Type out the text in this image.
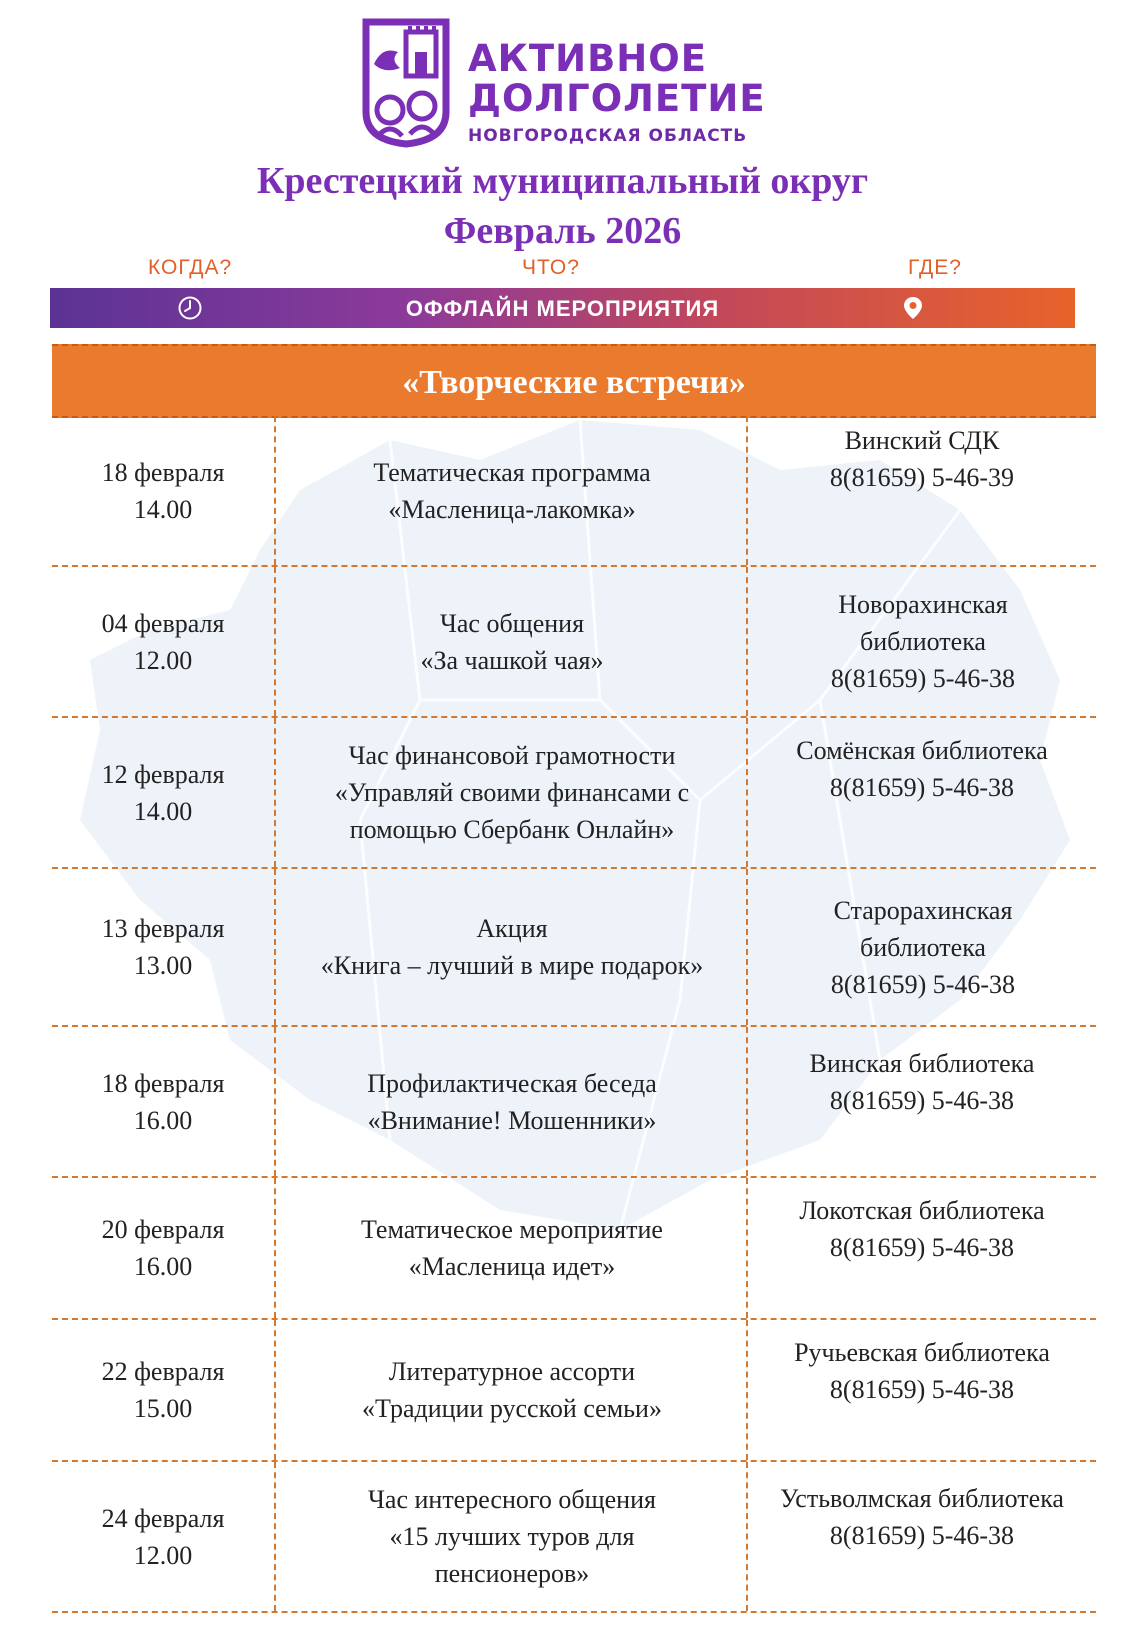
АКТИВНОЕ
ДОЛГОЛЕТИЕ
НОВГОРОДСКАЯ ОБЛАСТЬ
Крестецкий муниципальный округ
Февраль 2026
КОГДА?	ЧТО?	ГДЕ?
ОФФЛАЙН МЕРОПРИЯТИЯ
«Творческие встречи»
18 февраля
14.00
Тематическая программа
«Масленица-лакомка»
Винский СДК
8(81659) 5-46-39
04 февраля
12.00
Час общения
«За чашкой чая»
Новорахинская
библиотека
8(81659) 5-46-38
12 февраля
14.00
Час финансовой грамотности
«Управляй своими финансами с
помощью Сбербанк Онлайн»
Сомёнская библиотека
8(81659) 5-46-38
13 февраля
13.00
Акция
«Книга – лучший в мире подарок»
Старорахинская
библиотека
8(81659) 5-46-38
18 февраля
16.00
Профилактическая беседа
«Внимание! Мошенники»
Винская библиотека
8(81659) 5-46-38
20 февраля
16.00
Тематическое мероприятие
«Масленица идет»
Локотская библиотека
8(81659) 5-46-38
22 февраля
15.00
Литературное ассорти
«Традиции русской семьи»
Ручьевская библиотека
8(81659) 5-46-38
24 февраля
12.00
Час интересного общения
«15 лучших туров для
пенсионеров»
Устьволмская библиотека
8(81659) 5-46-38
